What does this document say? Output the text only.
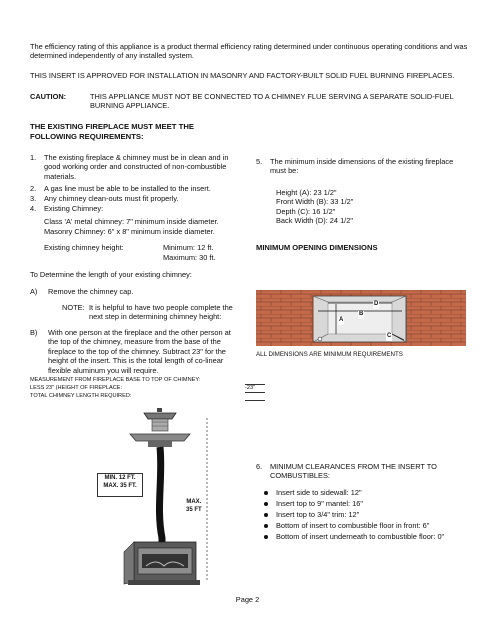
The efficiency rating of this appliance is a product thermal efficiency rating determined under continuous operating conditions and was determined independently of any installed system.

THIS INSERT IS APPROVED FOR INSTALLATION IN MASONRY AND FACTORY-BUILT SOLID FUEL BURNING FIREPLACES.

CAUTION:	THIS APPLIANCE MUST NOT BE CONNECTED TO A CHIMNEY FLUE SERVING A SEPARATE SOLID-FUEL BURNING APPLIANCE.

THE EXISTING FIREPLACE MUST MEET THE FOLLOWING REQUIREMENTS:

1. The existing fireplace & chimney must be in clean and in good working order and constructed of non-combustible materials.

2. A gas line must be able to be installed to the insert.

3. Any chimney clean-outs must fit properly.

4. Existing Chimney:

Class 'A' metal chimney: 7" minimum inside diameter.

Masonry Chimney: 6" x 8" minimum inside diameter.

Existing chimney height:	Minimum: 12 ft.

Maximum: 30 ft.

To Determine the length of your existing chimney:

A) Remove the chimney cap.

NOTE: It is helpful to have two people complete the next step in determining chimney height:

B) With one person at the fireplace and the other person at the top of the chimney, measure from the base of the fireplace to the top of the chimney. Subtract 23" for the height of the insert. This is the total length of co-linear flexible aluminum you will require.

MEASUREMENT FROM FIREPLACE BASE TO TOP OF CHIMNEY:
LESS 23" (HEIGHT OF FIREPLACE:	-23"
TOTAL CHIMNEY LENGTH REQUIRED:
MIN. 12 FT.
MAX. 35 FT.
MAX.
35 FT
5. The minimum inside dimensions of the existing fireplace must be:

Height (A): 23 1/2"
Front Width (B): 33 1/2"
Depth (C): 16 1/2"
Back Width (D): 24 1/2"

MINIMUM OPENING DIMENSIONS

A
B
C
D

ALL DIMENSIONS ARE MINIMUM REQUIREMENTS

6. MINIMUM CLEARANCES FROM THE INSERT TO COMBUSTIBLES:

Insert side to sidewall: 12"
Insert top to 9" mantel: 16"
Insert top to 3/4" trim: 12"
Bottom of insert to combustible floor in front: 6"
Bottom of insert underneath to combustible floor: 0"

Page 2
